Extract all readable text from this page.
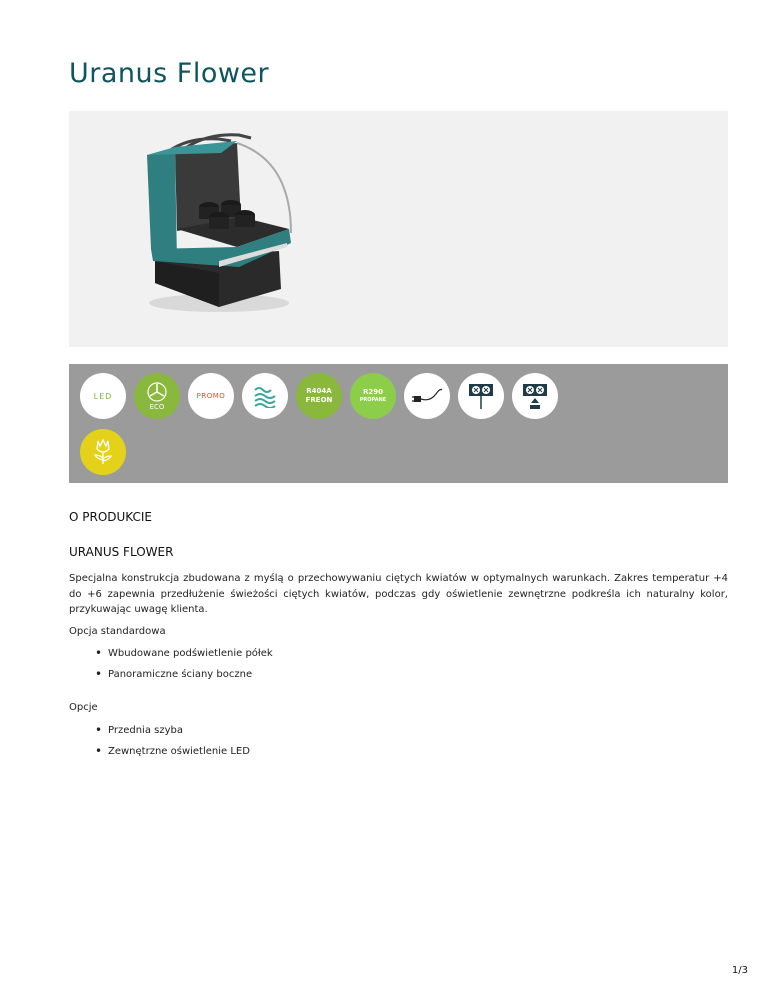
Uranus Flower
LED
ECO
PROMO
R404A
FREON
R290
PROPANE
O PRODUKCIE
URANUS FLOWER

Specjalna konstrukcja zbudowana z myślą o przechowywaniu ciętych kwiatów w optymalnych warunkach. Zakres temperatur +4 do +6 zapewnia przedłużenie świeżości ciętych kwiatów, podczas gdy oświetlenie zewnętrzne podkreśla ich naturalny kolor, przykuwając uwagę klienta.

Opcja standardowa

• Wbudowane podświetlenie półek
• Panoramiczne ściany boczne

Opcje

• Przednia szyba
• Zewnętrzne oświetlenie LED
1/3
